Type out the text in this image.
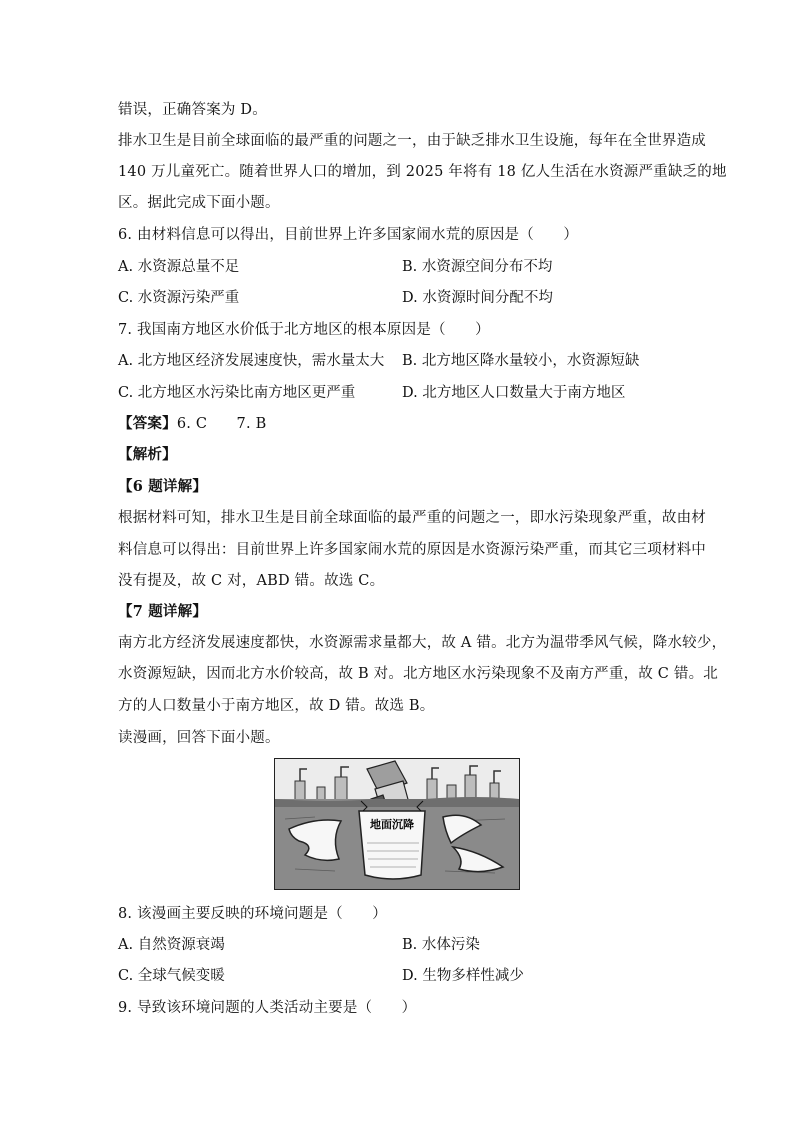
错误，正确答案为 D。
排水卫生是目前全球面临的最严重的问题之一，由于缺乏排水卫生设施，每年在全世界造成
140 万儿童死亡。随着世界人口的增加，到 2025 年将有 18 亿人生活在水资源严重缺乏的地
区。据此完成下面小题。
6. 由材料信息可以得出，目前世界上许多国家闹水荒的原因是（　　）
A. 水资源总量不足	B. 水资源空间分布不均
C. 水资源污染严重	D. 水资源时间分配不均
7. 我国南方地区水价低于北方地区的根本原因是（　　）
A. 北方地区经济发展速度快，需水量太大 B. 北方地区降水量较小，水资源短缺
C. 北方地区水污染比南方地区更严重	D. 北方地区人口数量大于南方地区
【答案】6. C　　7. B
【解析】
【6 题详解】
根据材料可知，排水卫生是目前全球面临的最严重的问题之一，即水污染现象严重，故由材
料信息可以得出：目前世界上许多国家闹水荒的原因是水资源污染严重，而其它三项材料中
没有提及，故 C 对，ABD 错。故选 C。
【7 题详解】
南方北方经济发展速度都快，水资源需求量都大，故 A 错。北方为温带季风气候，降水较少，
水资源短缺，因而北方水价较高，故 B 对。北方地区水污染现象不及南方严重，故 C 错。北
方的人口数量小于南方地区，故 D 错。故选 B。
读漫画，回答下面小题。
地面沉降
8. 该漫画主要反映的环境问题是（　　）
A. 自然资源衰竭	B. 水体污染
C. 全球气候变暖	D. 生物多样性减少
9. 导致该环境问题的人类活动主要是（　　）
